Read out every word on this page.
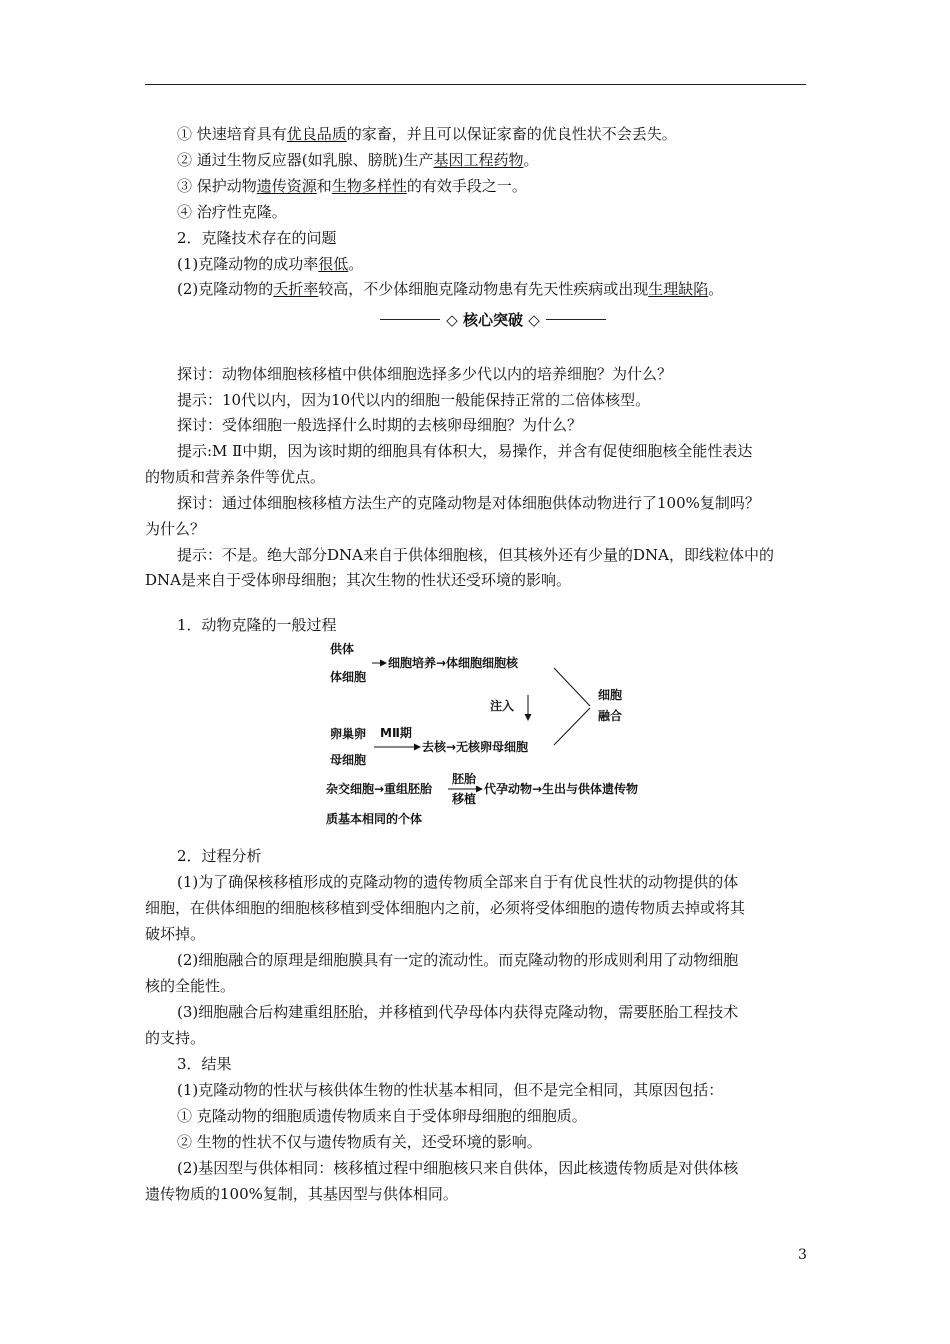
① 快速培育具有优良品质的家畜，并且可以保证家畜的优良性状不会丢失。
② 通过生物反应器(如乳腺、膀胱)生产基因工程药物。
③ 保护动物遗传资源和生物多样性的有效手段之一。
④ 治疗性克隆。
2．克隆技术存在的问题
(1)克隆动物的成功率很低。
(2)克隆动物的夭折率较高，不少体细胞克隆动物患有先天性疾病或出现生理缺陷。
◇ 核心突破 ◇
探讨：动物体细胞核移植中供体细胞选择多少代以内的培养细胞？为什么？
提示：10代以内，因为10代以内的细胞一般能保持正常的二倍体核型。
探讨：受体细胞一般选择什么时期的去核卵母细胞？为什么？
提示:M Ⅱ中期，因为该时期的细胞具有体积大，易操作，并含有促使细胞核全能性表达
的物质和营养条件等优点。
探讨：通过体细胞核移植方法生产的克隆动物是对体细胞供体动物进行了100%复制吗？
为什么？
提示：不是。绝大部分DNA来自于供体细胞核，但其核外还有少量的DNA，即线粒体中的
DNA是来自于受体卵母细胞；其次生物的性状还受环境的影响。
1．动物克隆的一般过程
供体
体细胞
细胞培养→体细胞细胞核
注入
细胞
融合
卵巢卵
母细胞
MⅡ期
去核→无核卵母细胞
杂交细胞→重组胚胎
胚胎
移植
代孕动物→生出与供体遗传物
质基本相同的个体
2．过程分析
(1)为了确保核移植形成的克隆动物的遗传物质全部来自于有优良性状的动物提供的体
细胞，在供体细胞的细胞核移植到受体细胞内之前，必须将受体细胞的遗传物质去掉或将其
破坏掉。
(2)细胞融合的原理是细胞膜具有一定的流动性。而克隆动物的形成则利用了动物细胞
核的全能性。
(3)细胞融合后构建重组胚胎，并移植到代孕母体内获得克隆动物，需要胚胎工程技术
的支持。
3．结果
(1)克隆动物的性状与核供体生物的性状基本相同，但不是完全相同，其原因包括：
① 克隆动物的细胞质遗传物质来自于受体卵母细胞的细胞质。
② 生物的性状不仅与遗传物质有关，还受环境的影响。
(2)基因型与供体相同：核移植过程中细胞核只来自供体，因此核遗传物质是对供体核
遗传物质的100%复制，其基因型与供体相同。
3
